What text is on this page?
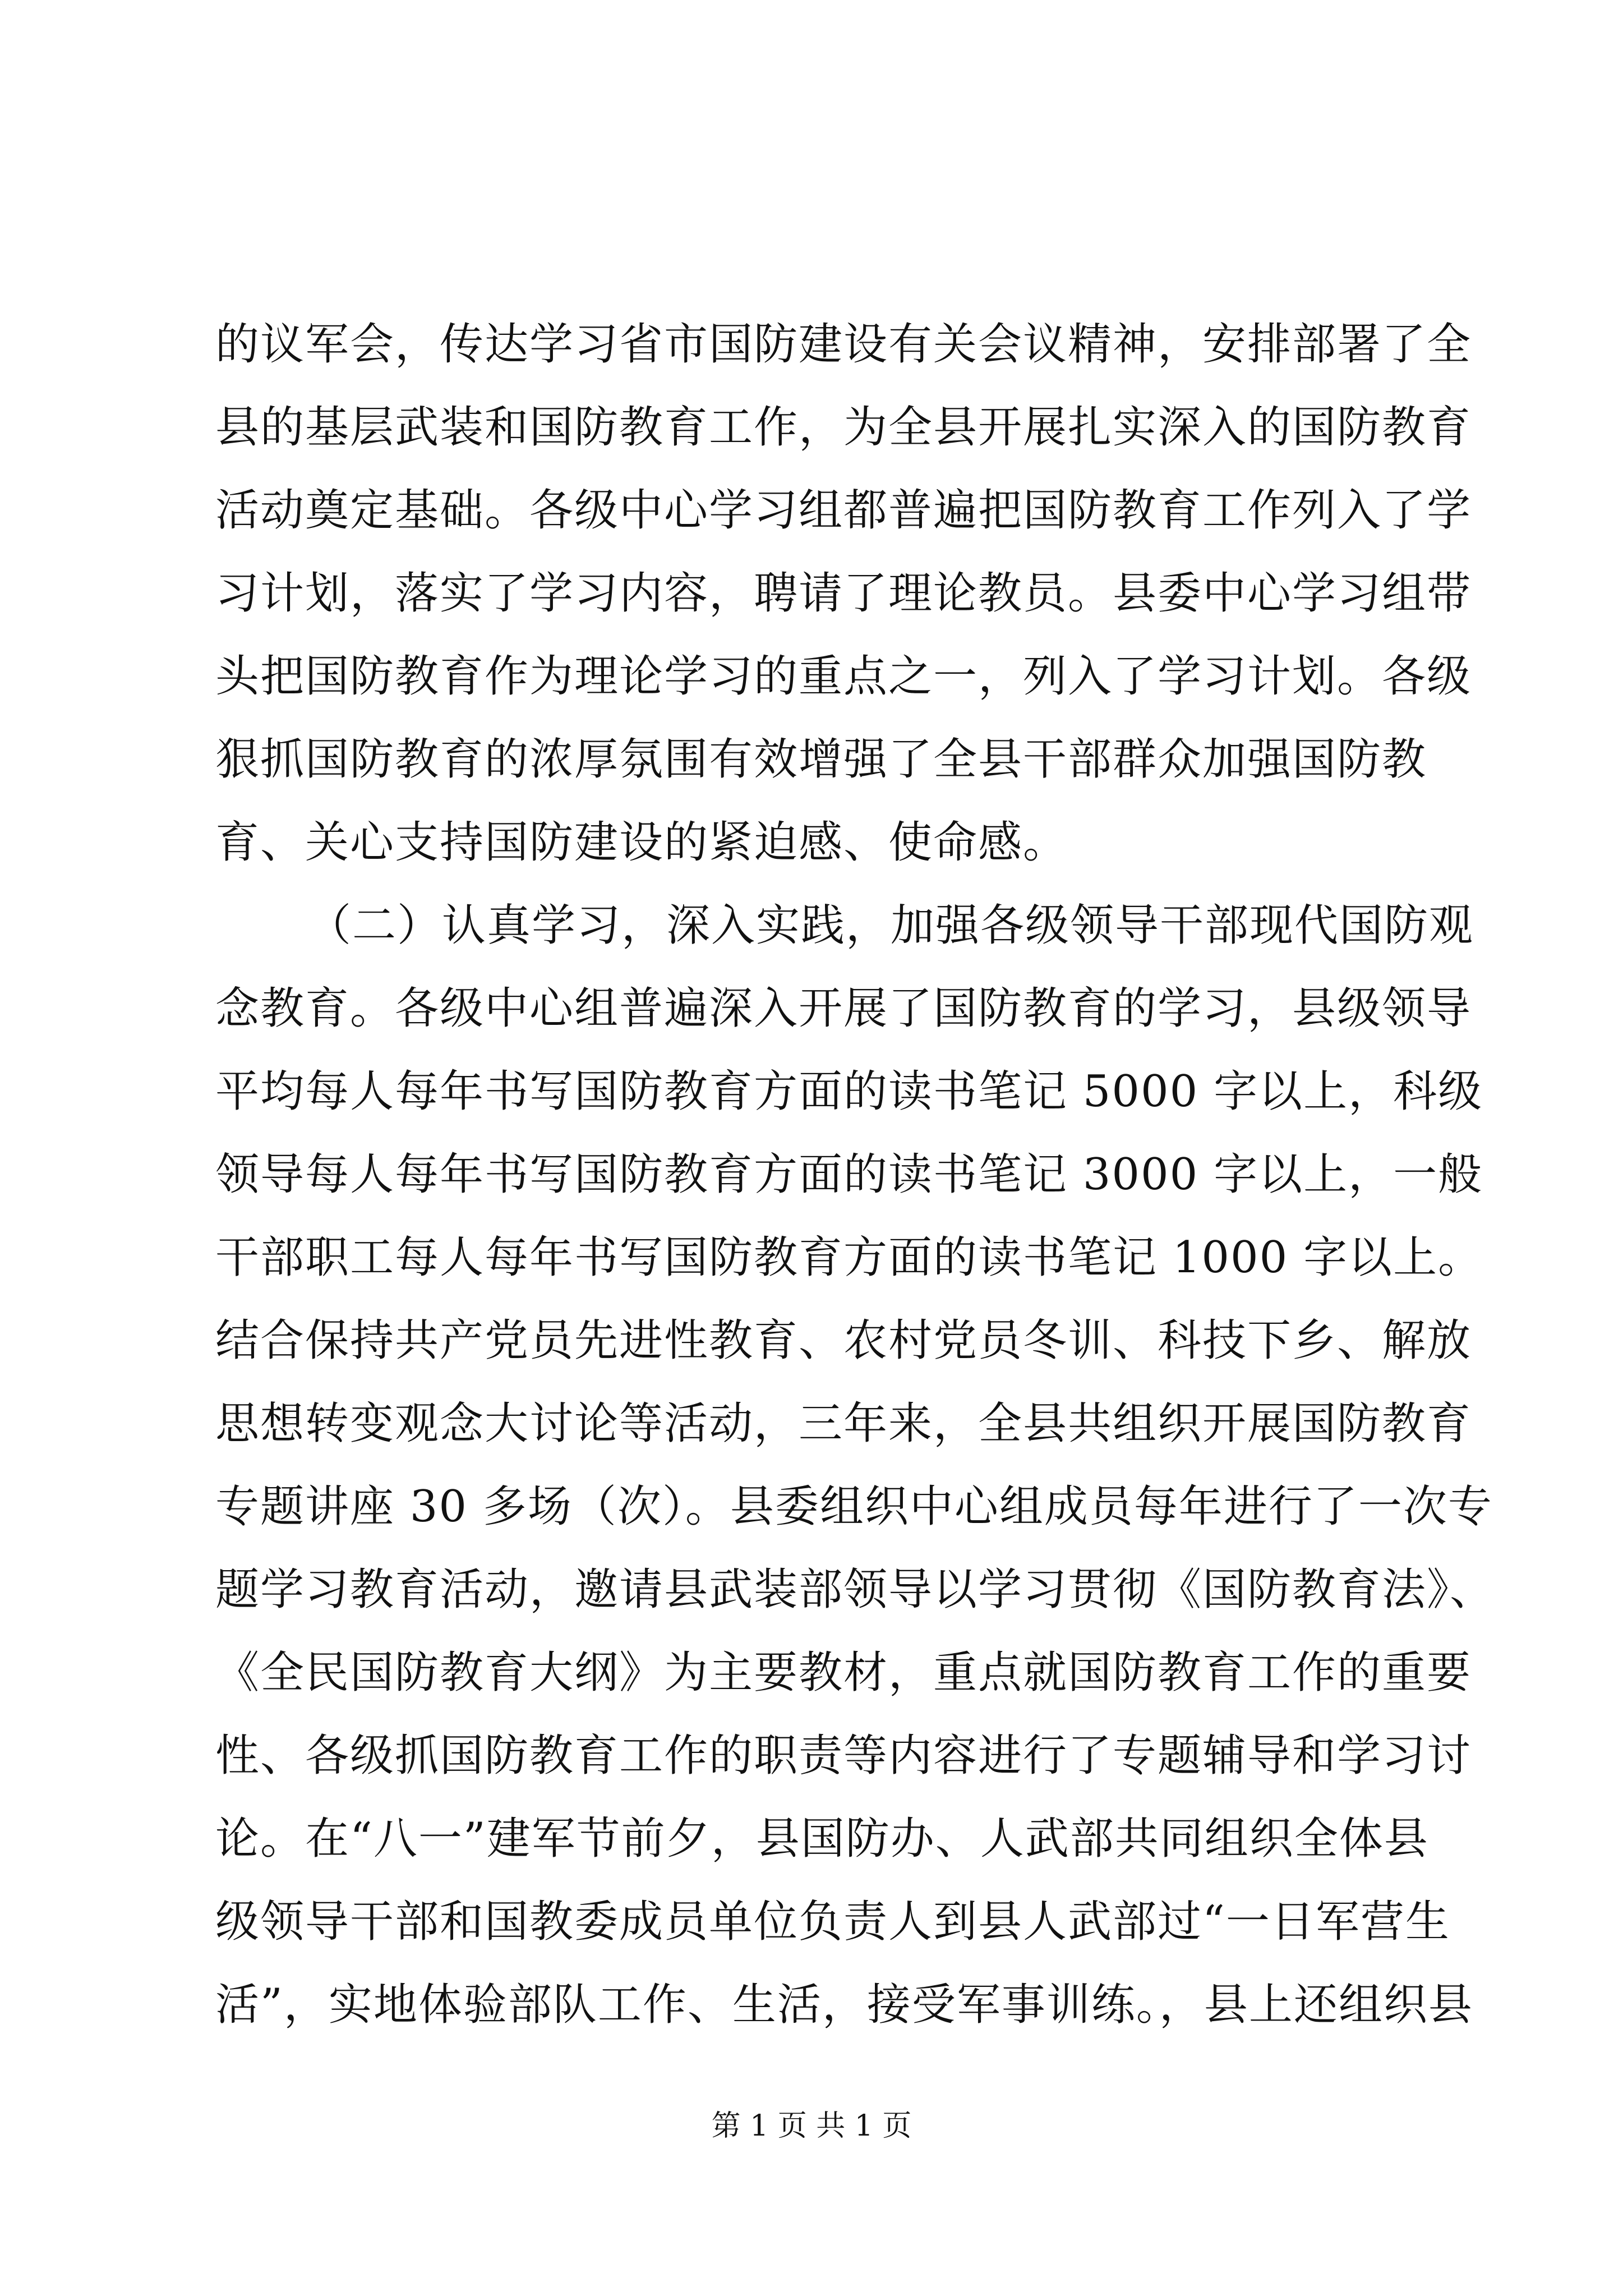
的议军会，传达学习省市国防建设有关会议精神，安排部署了全
县的基层武装和国防教育工作，为全县开展扎实深入的国防教育
活动奠定基础。各级中心学习组都普遍把国防教育工作列入了学
习计划，落实了学习内容，聘请了理论教员。县委中心学习组带
头把国防教育作为理论学习的重点之一，列入了学习计划。各级
狠抓国防教育的浓厚氛围有效增强了全县干部群众加强国防教
育、关心支持国防建设的紧迫感、使命感。
（二）认真学习，深入实践，加强各级领导干部现代国防观
念教育。各级中心组普遍深入开展了国防教育的学习，县级领导
平均每人每年书写国防教育方面的读书笔记 5000 字以上，科级
领导每人每年书写国防教育方面的读书笔记 3000 字以上，一般
干部职工每人每年书写国防教育方面的读书笔记 1000 字以上。
结合保持共产党员先进性教育、农村党员冬训、科技下乡、解放
思想转变观念大讨论等活动，三年来，全县共组织开展国防教育
专题讲座 30 多场（次）。县委组织中心组成员每年进行了一次专
题学习教育活动，邀请县武装部领导以学习贯彻《国防教育法》、
《全民国防教育大纲》为主要教材，重点就国防教育工作的重要
性、各级抓国防教育工作的职责等内容进行了专题辅导和学习讨
论。在“八一”建军节前夕，县国防办、人武部共同组织全体县
级领导干部和国教委成员单位负责人到县人武部过“一日军营生
活”，实地体验部队工作、生活，接受军事训练。，县上还组织县
第 1 页 共 1 页
